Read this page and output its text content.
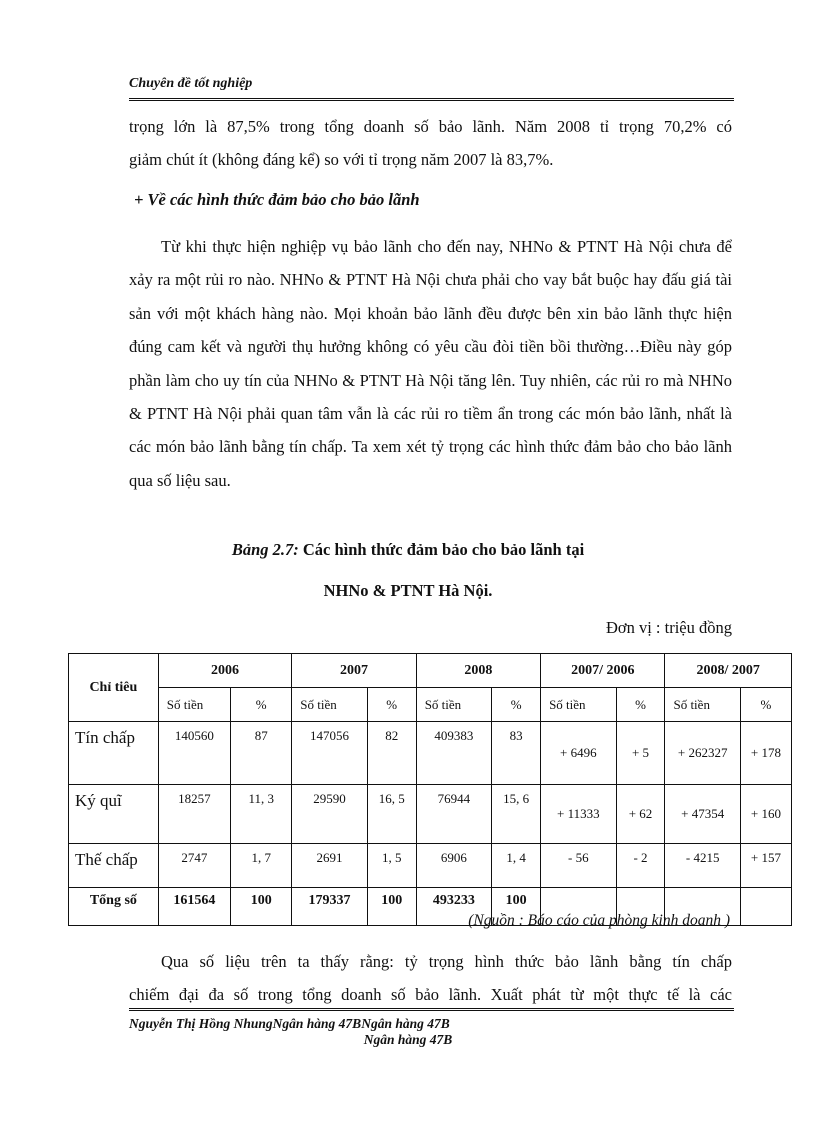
Chuyên đề tốt nghiệp

trọng lớn là 87,5% trong tổng doanh số bảo lãnh. Năm 2008 tỉ trọng 70,2% có

giảm chút ít (không đáng kể) so với tỉ trọng năm 2007 là 83,7%.

+ Về các hình thức đảm bảo cho bảo lãnh

Từ khi thực hiện nghiệp vụ bảo lãnh cho đến nay, NHNo & PTNT Hà Nội chưa để xảy ra một rủi ro nào. NHNo & PTNT Hà Nội chưa phải cho vay bắt buộc hay đấu giá tài sản với một khách hàng nào. Mọi khoản bảo lãnh đều được bên xin bảo lãnh thực hiện đúng cam kết và người thụ hưởng không có yêu cầu đòi tiền bồi thường…Điều này góp phần làm cho uy tín của NHNo & PTNT Hà Nội tăng lên. Tuy nhiên, các rủi ro mà NHNo & PTNT Hà Nội phải quan tâm vẫn là các rủi ro tiềm ẩn trong các món bảo lãnh, nhất là các món bảo lãnh bằng tín chấp. Ta xem xét tỷ trọng các hình thức đảm bảo cho bảo lãnh qua số liệu sau.

Bảng 2.7: Các hình thức đảm bảo cho bảo lãnh tại
NHNo & PTNT Hà Nội.
Đơn vị : triệu đồng
Chỉ tiêu	2006		2007		2008		2007/ 2006		2008/ 2007	
	Số tiền	%	Số tiền	%	Số tiền	%	Số tiền	%	Số tiền	%
Tín chấp	140560	87	147056	82	409383	83	+ 6496	+ 5	+ 262327	+ 178
Ký quĩ	18257	11, 3	29590	16, 5	76944	15, 6	+ 11333	+ 62	+ 47354	+ 160
Thế chấp	2747	1, 7	2691	1, 5	6906	1, 4	- 56	- 2	- 4215	+ 157
Tổng số	161564	100	179337	100	493233	100				
(Nguồn : Báo cáo của phòng kinh doanh )

Qua số liệu trên ta thấy rằng: tỷ trọng hình thức bảo lãnh bằng tín chấp

chiếm đại đa số trong tổng doanh số bảo lãnh. Xuất phát từ một thực tế là các

Nguyễn Thị Hồng NhungNgân hàng 47BNgân hàng 47B
Ngân hàng 47B
